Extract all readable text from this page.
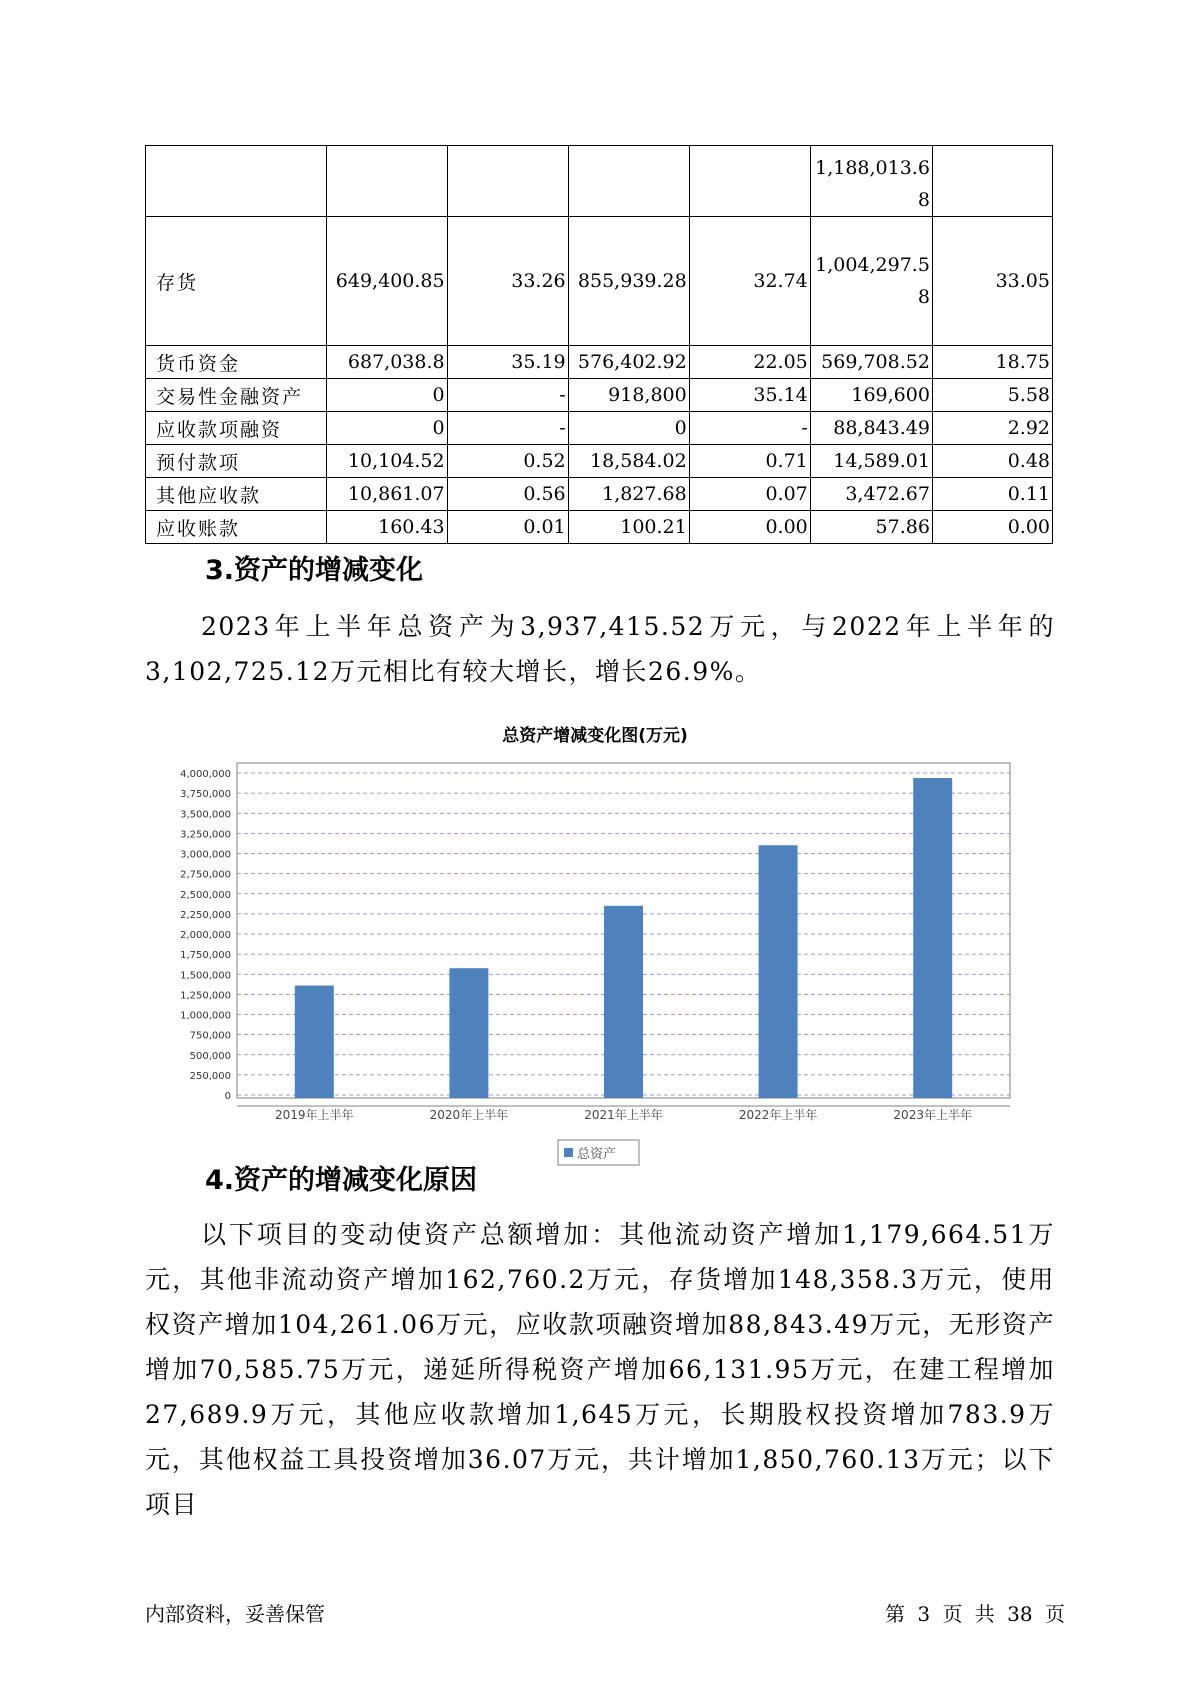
					1,188,013.68	
存货	649,400.85	33.26	855,939.28	32.74	1,004,297.58	33.05
货币资金	687,038.8	35.19	576,402.92	22.05	569,708.52	18.75
交易性金融资产	0	-	918,800	35.14	169,600	5.58
应收款项融资	0	-	0	-	88,843.49	2.92
预付款项	10,104.52	0.52	18,584.02	0.71	14,589.01	0.48
其他应收款	10,861.07	0.56	1,827.68	0.07	3,472.67	0.11
应收账款	160.43	0.01	100.21	0.00	57.86	0.00
3.资产的增减变化

2023年上半年总资产为3,937,415.52万元，与2022年上半年的3,102,725.12万元相比有较大增长，增长26.9%。

总资产增减变化图(万元)
0
250,000
500,000
750,000
1,000,000
1,250,000
1,500,000
1,750,000
2,000,000
2,250,000
2,500,000
2,750,000
3,000,000
3,250,000
3,500,000
3,750,000
4,000,000
2019年上半年	2020年上半年	2021年上半年	2022年上半年	2023年上半年
总资产
4.资产的增减变化原因

以下项目的变动使资产总额增加：其他流动资产增加1,179,664.51万元，其他非流动资产增加162,760.2万元，存货增加148,358.3万元，使用权资产增加104,261.06万元，应收款项融资增加88,843.49万元，无形资产增加70,585.75万元，递延所得税资产增加66,131.95万元，在建工程增加27,689.9万元，其他应收款增加1,645万元，长期股权投资增加783.9万元，其他权益工具投资增加36.07万元，共计增加1,850,760.13万元；以下项目

内部资料，妥善保管	第 3 页 共 38 页
